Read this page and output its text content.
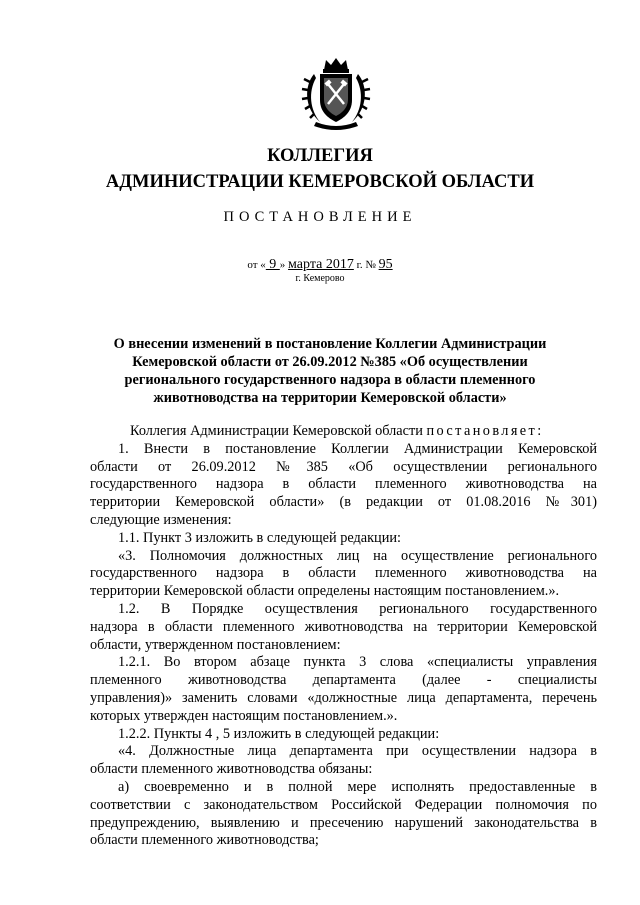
КОЛЛЕГИЯ
АДМИНИСТРАЦИИ КЕМЕРОВСКОЙ ОБЛАСТИ
ПОСТАНОВЛЕНИЕ
от « 9 » марта 2017 г. № 95
г. Кемерово
О внесении изменений в постановление Коллегии Администрации
Кемеровской области от 26.09.2012 №385 «Об осуществлении
регионального государственного надзора в области племенного
животноводства на территории Кемеровской области»
Коллегия Администрации Кемеровской области постановляет:
1. Внести в постановление Коллегии Администрации Кемеровской
области от 26.09.2012 №385 «Об осуществлении регионального
государственного надзора в области племенного животноводства на
территории Кемеровской области» (в редакции от 01.08.2016 №301)
следующие изменения:
1.1. Пункт 3 изложить в следующей редакции:
«3. Полномочия должностных лиц на осуществление регионального
государственного надзора в области племенного животноводства на
территории Кемеровской области определены настоящим постановлением.».
1.2. В Порядке осуществления регионального государственного
надзора в области племенного животноводства на территории Кемеровской
области, утвержденном постановлением:
1.2.1. Во втором абзаце пункта 3 слова «специалисты управления
племенного животноводства департамента (далее - специалисты
управления)» заменить словами «должностные лица департамента, перечень
которых утвержден настоящим постановлением.».
1.2.2. Пункты 4 , 5 изложить в следующей редакции:
«4. Должностные лица департамента при осуществлении надзора в
области племенного животноводства обязаны:
а) своевременно и в полной мере исполнять предоставленные в
соответствии с законодательством Российской Федерации полномочия по
предупреждению, выявлению и пресечению нарушений законодательства в
области племенного животноводства;
